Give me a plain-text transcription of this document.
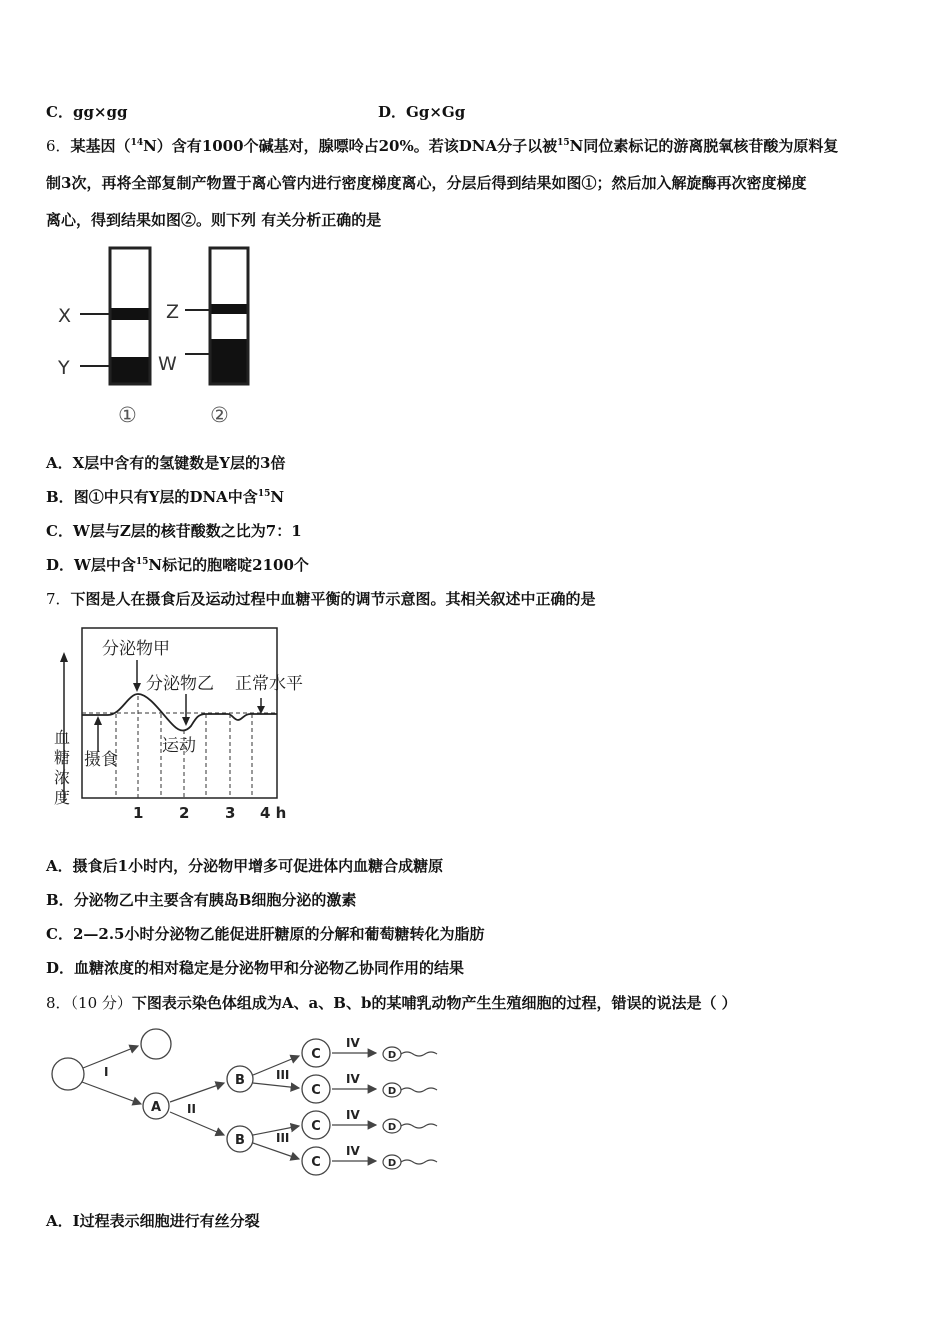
C．gg×gg	D．Gg×Gg
6．某基因（$^{14}$N）含有1000个碱基对，腺嘌呤占20%。若该DNA分子以被$^{15}$N同位素标记的游离脱氧核苷酸为原料复
制3次，再将全部复制产物置于离心管内进行密度梯度离心，分层后得到结果如图①；然后加入解旋酶再次密度梯度
离心，得到结果如图②。则下列 有关分析正确的是
X
Y
Z
W
①	②
A．X层中含有的氢键数是Y层的3倍
B．图①中只有Y层的DNA中含$^{15}$N
C．W层与Z层的核苷酸数之比为7：1
D．W层中含$^{15}$N标记的胞嘧啶2100个
7．下图是人在摄食后及运动过程中血糖平衡的调节示意图。其相关叙述中正确的是
血
糖
浓
度
分泌物甲
分泌物乙 正常水平
摄食
运动
1 2 3 4 h
A．摄食后1小时内，分泌物甲增多可促进体内血糖合成糖原
B．分泌物乙中主要含有胰岛B细胞分泌的激素
C．2—2.5小时分泌物乙能促进肝糖原的分解和葡萄糖转化为脂肪
D．血糖浓度的相对稳定是分泌物甲和分泌物乙协同作用的结果
8．（10 分）下图表示染色体组成为A、a、B、b的某哺乳动物产生生殖细胞的过程，错误的说法是（ ）
A
B
B
C
C
C
C
D
D
D
D
I
II
III
III
IV
IV
IV
IV
A．Ⅰ过程表示细胞进行有丝分裂
